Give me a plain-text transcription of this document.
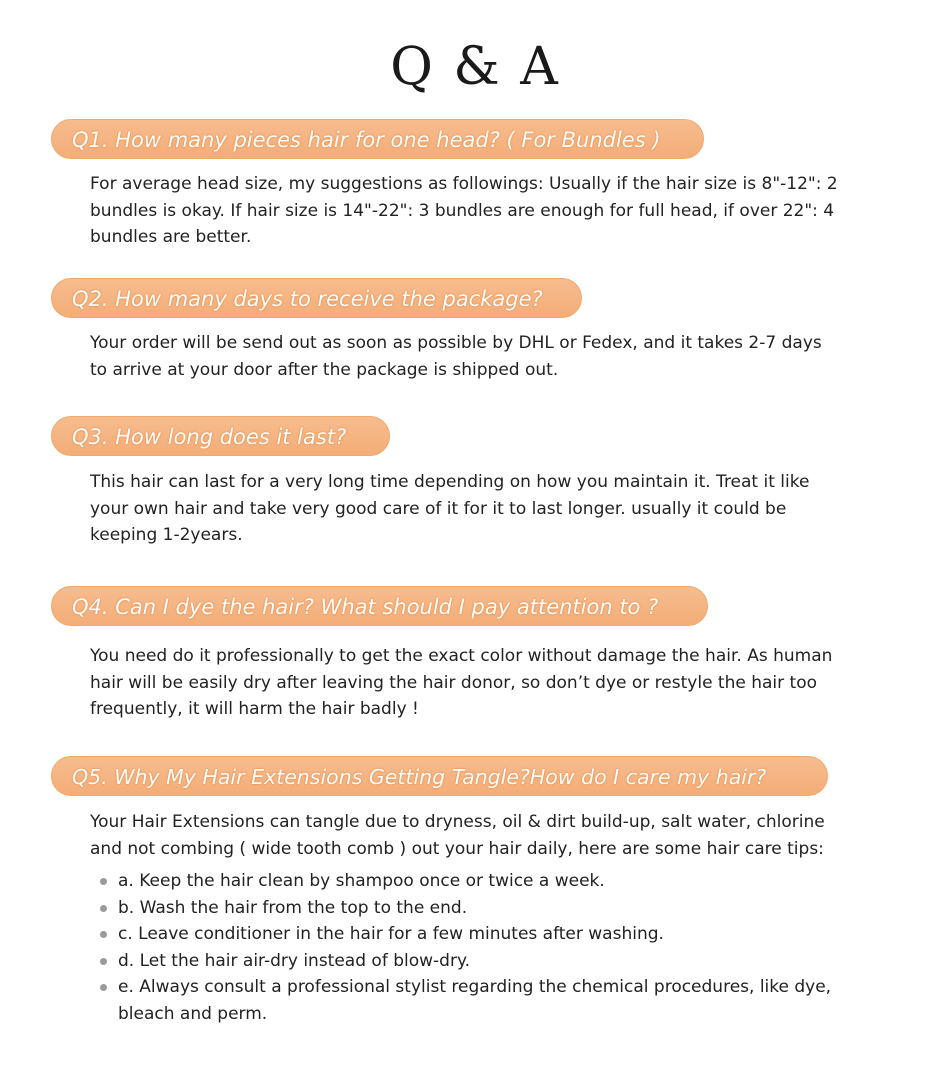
Q & A
Q1. How many pieces hair for one head? ( For Bundles )
For average head size, my suggestions as followings: Usually if the hair size is 8"-12": 2 bundles is okay. If hair size is 14"-22": 3 bundles are enough for full head, if over 22": 4 bundles are better.
Q2. How many days to receive the package?
Your order will be send out as soon as possible by DHL or Fedex, and it takes 2-7 days to arrive at your door after the package is shipped out.
Q3. How long does it last?
This hair can last for a very long time depending on how you maintain it. Treat it like your own hair and take very good care of it for it to last longer. usually it could be keeping 1-2years.
Q4. Can I dye the hair? What should I pay attention to ?
You need do it professionally to get the exact color without damage the hair. As human hair will be easily dry after leaving the hair donor, so don’t dye or restyle the hair too frequently, it will harm the hair badly !
Q5. Why My Hair Extensions Getting Tangle?How do I care my hair?
Your Hair Extensions can tangle due to dryness, oil & dirt build-up, salt water, chlorine and not combing ( wide tooth comb ) out your hair daily, here are some hair care tips:
a. Keep the hair clean by shampoo once or twice a week.
b. Wash the hair from the top to the end.
c. Leave conditioner in the hair for a few minutes after washing.
d. Let the hair air-dry instead of blow-dry.
e. Always consult a professional stylist regarding the chemical procedures, like dye, bleach and perm.
